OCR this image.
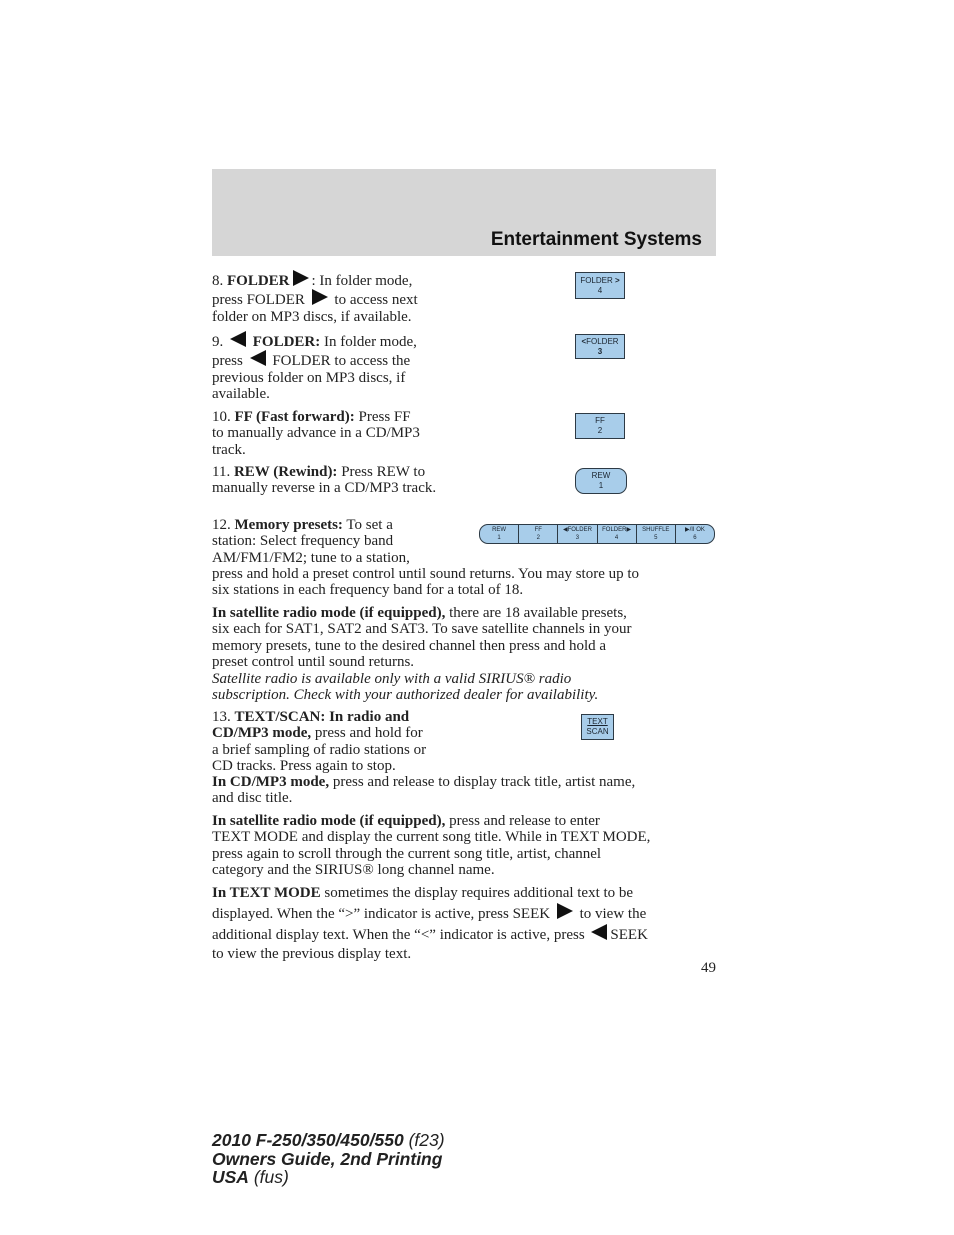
Entertainment Systems
8. FOLDER : In folder mode,
press FOLDER to access next
folder on MP3 discs, if available.
FOLDER >
4
9. FOLDER: In folder mode,
press FOLDER to access the
previous folder on MP3 discs, if
available.
<FOLDER
3
10. FF (Fast forward): Press FF
to manually advance in a CD/MP3
track.
FF
2
11. REW (Rewind): Press REW to
manually reverse in a CD/MP3 track.
REW
1
12. Memory presets: To set a
station: Select frequency band
AM/FM1/FM2; tune to a station,
REW
1
FF
2
◀FOLDER
3
FOLDER▶
4
SHUFFLE
5
▶/II OK
6
press and hold a preset control until sound returns. You may store up to
six stations in each frequency band for a total of 18.
In satellite radio mode (if equipped), there are 18 available presets,
six each for SAT1, SAT2 and SAT3. To save satellite channels in your
memory presets, tune to the desired channel then press and hold a
preset control until sound returns.
Satellite radio is available only with a valid SIRIUS® radio
subscription. Check with your authorized dealer for availability.
13. TEXT/SCAN: In radio and
CD/MP3 mode, press and hold for
a brief sampling of radio stations or
CD tracks. Press again to stop.
TEXT
SCAN
In CD/MP3 mode, press and release to display track title, artist name,
and disc title.
In satellite radio mode (if equipped), press and release to enter
TEXT MODE and display the current song title. While in TEXT MODE,
press again to scroll through the current song title, artist, channel
category and the SIRIUS® long channel name.
In TEXT MODE sometimes the display requires additional text to be
displayed. When the “>” indicator is active, press SEEK to view the
additional display text. When the “<” indicator is active, press SEEK
to view the previous display text.
49
2010 F-250/350/450/550 (f23)
Owners Guide, 2nd Printing
USA (fus)
